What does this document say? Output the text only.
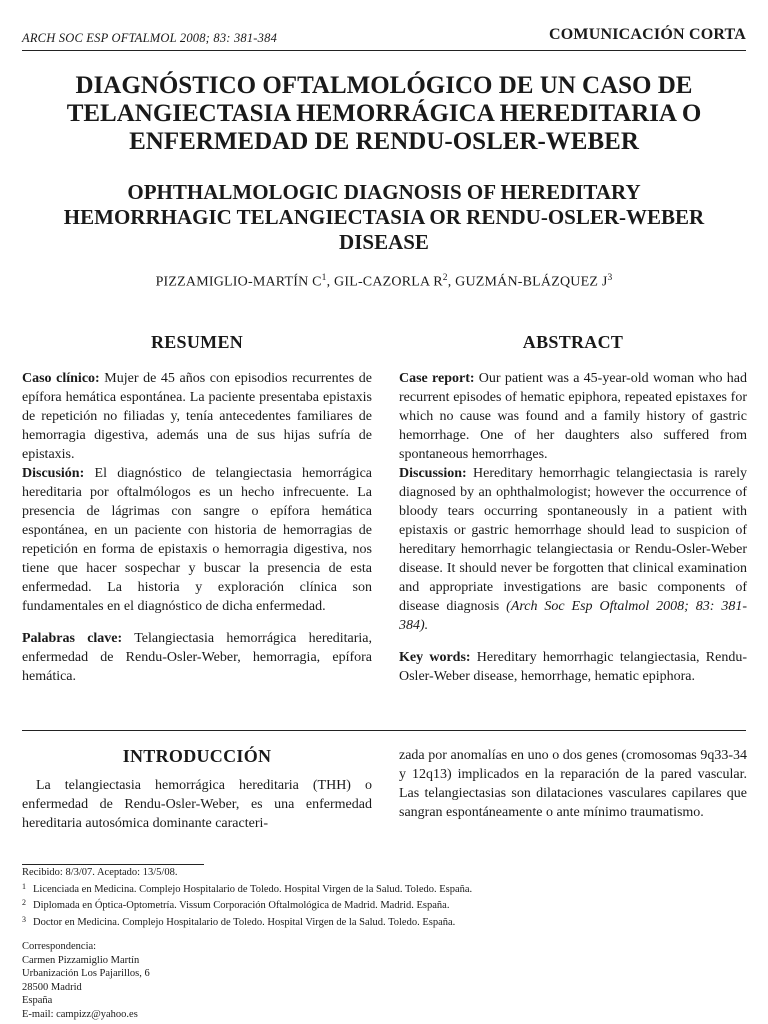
ARCH SOC ESP OFTALMOL 2008; 83: 381-384	COMUNICACIÓN CORTA
DIAGNÓSTICO OFTALMOLÓGICO DE UN CASO DE
TELANGIECTASIA HEMORRÁGICA HEREDITARIA O
ENFERMEDAD DE RENDU-OSLER-WEBER
OPHTHALMOLOGIC DIAGNOSIS OF HEREDITARY
HEMORRHAGIC TELANGIECTASIA OR RENDU-OSLER-WEBER
DISEASE
PIZZAMIGLIO-MARTÍN $C^1$, GIL-CAZORLA $R^2$, GUZMÁN-BLÁZQUEZ $J^3$
RESUMEN

Caso clínico: Mujer de 45 años con episodios recurrentes de epífora hemática espontánea. La paciente presentaba epistaxis de repetición no filiadas y, tenía antecedentes familiares de hemorragia digestiva, además una de sus hijas sufría de epistaxis.

Discusión: El diagnóstico de telangiectasia hemorrágica hereditaria por oftalmólogos es un hecho infrecuente. La presencia de lágrimas con sangre o epífora hemática espontánea, en un paciente con historia de hemorragias de repetición en forma de epistaxis o hemorragia digestiva, nos tiene que hacer sospechar y buscar la presencia de esta enfermedad. La historia y exploración clínica son fundamentales en el diagnóstico de dicha enfermedad.

Palabras clave: Telangiectasia hemorrágica hereditaria, enfermedad de Rendu-Osler-Weber, hemorragia, epífora hemática.

ABSTRACT

Case report: Our patient was a 45-year-old woman who had recurrent episodes of hematic epiphora, repeated epistaxes for which no cause was found and a family history of gastric hemorrhage. One of her daughters also suffered from spontaneous hemorrhages.

Discussion: Hereditary hemorrhagic telangiectasia is rarely diagnosed by an ophthalmologist; however the occurrence of bloody tears occurring spontaneously in a patient with epistaxis or gastric hemorrhage should lead to suspicion of hereditary hemorrhagic telangiectasia or Rendu-Osler-Weber disease. It should never be forgotten that clinical examination and appropriate investigations are basic components of disease diagnosis (Arch Soc Esp Oftalmol 2008; 83: 381-384).

Key words: Hereditary hemorrhagic telangiectasia, Rendu-Osler-Weber disease, hemorrhage, hematic epiphora.

INTRODUCCIÓN

La telangiectasia hemorrágica hereditaria (THH) o enfermedad de Rendu-Osler-Weber, es una enfermedad hereditaria autosómica dominante caracteri-

zada por anomalías en uno o dos genes (cromosomas 9q33-34 y 12q13) implicados en la reparación de la pared vascular. Las telangiectasias son dilataciones vasculares capilares que sangran espontáneamente o ante mínimo traumatismo.

Recibido: 8/3/07. Aceptado: 13/5/08.
$^1$ Licenciada en Medicina. Complejo Hospitalario de Toledo. Hospital Virgen de la Salud. Toledo. España.
$^2$ Diplomada en Óptica-Optometría. Vissum Corporación Oftalmológica de Madrid. Madrid. España.
$^3$ Doctor en Medicina. Complejo Hospitalario de Toledo. Hospital Virgen de la Salud. Toledo. España.
Correspondencia:
Carmen Pizzamiglio Martín
Urbanización Los Pajarillos, 6
28500 Madrid
España
E-mail: campizz@yahoo.es
